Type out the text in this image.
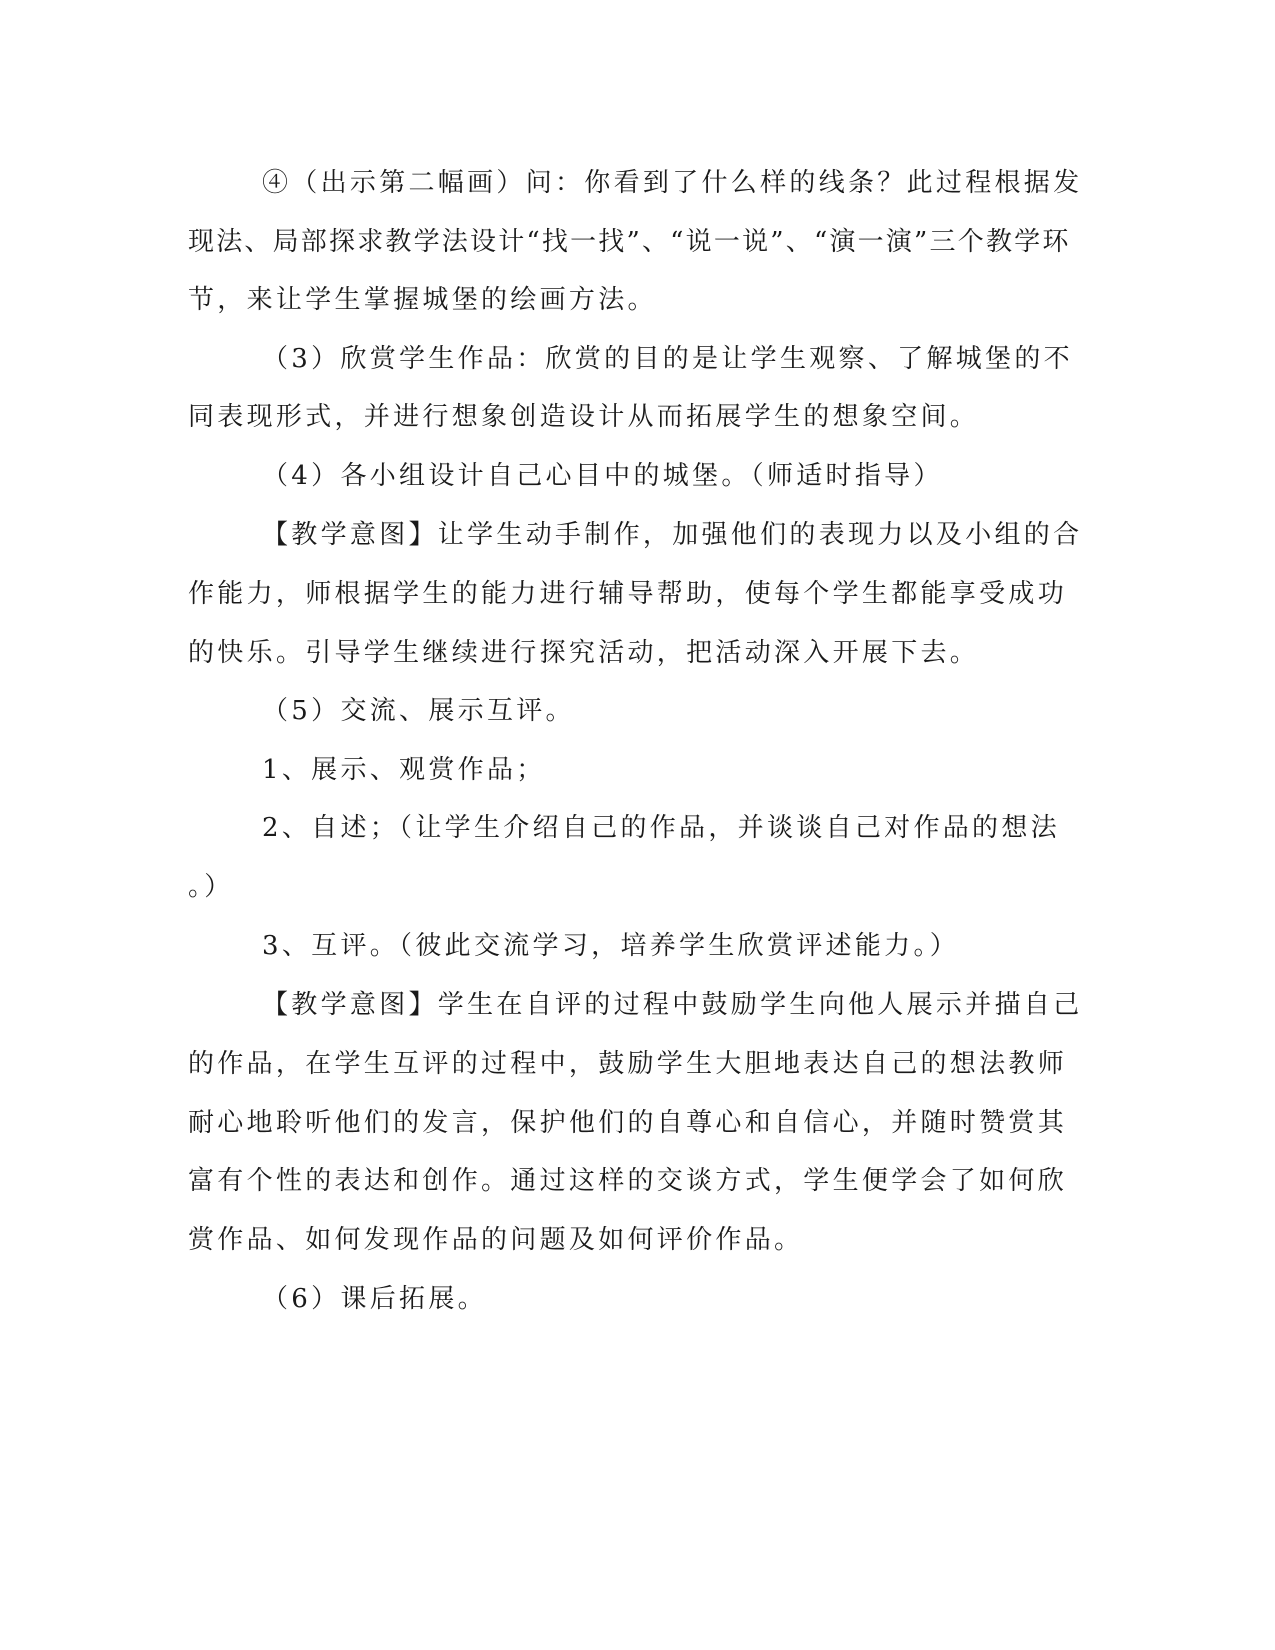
④（出示第二幅画）问：你看到了什么样的线条？此过程根据发
现法、局部探求教学法设计“找一找”、“说一说”、“演一演”三个教学环
节，来让学生掌握城堡的绘画方法。
（3）欣赏学生作品：欣赏的目的是让学生观察、了解城堡的不
同表现形式，并进行想象创造设计从而拓展学生的想象空间。
（4）各小组设计自己心目中的城堡。（师适时指导）
【教学意图】让学生动手制作，加强他们的表现力以及小组的合
作能力，师根据学生的能力进行辅导帮助，使每个学生都能享受成功
的快乐。引导学生继续进行探究活动，把活动深入开展下去。
（5）交流、展示互评。
1、展示、观赏作品；
2、自述；（让学生介绍自己的作品，并谈谈自己对作品的想法
。）
3、互评。（彼此交流学习，培养学生欣赏评述能力。）
【教学意图】学生在自评的过程中鼓励学生向他人展示并描自己
的作品，在学生互评的过程中，鼓励学生大胆地表达自己的想法教师
耐心地聆听他们的发言，保护他们的自尊心和自信心，并随时赞赏其
富有个性的表达和创作。通过这样的交谈方式，学生便学会了如何欣
赏作品、如何发现作品的问题及如何评价作品。
（6）课后拓展。
